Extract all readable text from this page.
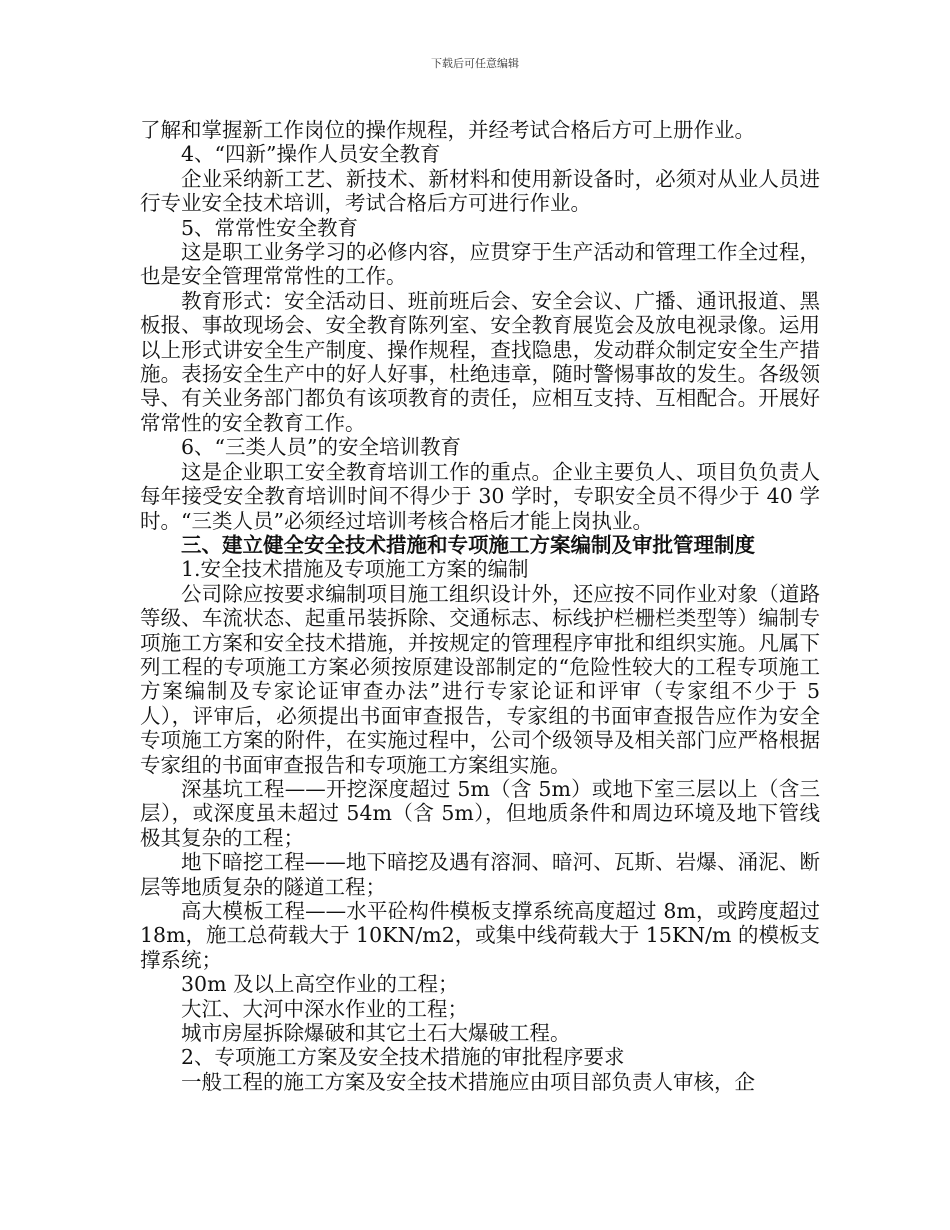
下载后可任意编辑

了解和掌握新工作岗位的操作规程，并经考试合格后方可上册作业。

4、“四新”操作人员安全教育

企业采纳新工艺、新技术、新材料和使用新设备时，必须对从业人员进行专业安全技术培训，考试合格后方可进行作业。

5、常常性安全教育

这是职工业务学习的必修内容，应贯穿于生产活动和管理工作全过程，也是安全管理常常性的工作。

教育形式：安全活动日、班前班后会、安全会议、广播、通讯报道、黑板报、事故现场会、安全教育陈列室、安全教育展览会及放电视录像。运用以上形式讲安全生产制度、操作规程，查找隐患，发动群众制定安全生产措施。表扬安全生产中的好人好事，杜绝违章，随时警惕事故的发生。各级领导、有关业务部门都负有该项教育的责任，应相互支持、互相配合。开展好常常性的安全教育工作。

6、“三类人员”的安全培训教育

这是企业职工安全教育培训工作的重点。企业主要负人、项目负负责人每年接受安全教育培训时间不得少于 30 学时，专职安全员不得少于 40 学时。“三类人员”必须经过培训考核合格后才能上岗执业。

三、建立健全安全技术措施和专项施工方案编制及审批管理制度

1.安全技术措施及专项施工方案的编制

公司除应按要求编制项目施工组织设计外，还应按不同作业对象（道路等级、车流状态、起重吊装拆除、交通标志、标线护栏栅栏类型等）编制专项施工方案和安全技术措施，并按规定的管理程序审批和组织实施。凡属下列工程的专项施工方案必须按原建设部制定的“危险性较大的工程专项施工方案编制及专家论证审查办法”进行专家论证和评审（专家组不少于 5 人），评审后，必须提出书面审查报告，专家组的书面审查报告应作为安全专项施工方案的附件，在实施过程中，公司个级领导及相关部门应严格根据专家组的书面审查报告和专项施工方案组实施。

深基坑工程——开挖深度超过 5m（含 5m）或地下室三层以上（含三层），或深度虽未超过 54m（含 5m），但地质条件和周边环境及地下管线极其复杂的工程；

地下暗挖工程——地下暗挖及遇有溶洞、暗河、瓦斯、岩爆、涌泥、断层等地质复杂的隧道工程；

高大模板工程——水平砼构件模板支撑系统高度超过 8m，或跨度超过 18m，施工总荷载大于 10KN/m2，或集中线荷载大于 15KN/m 的模板支撑系统；

30m 及以上高空作业的工程；

大江、大河中深水作业的工程；

城市房屋拆除爆破和其它土石大爆破工程。

2、专项施工方案及安全技术措施的审批程序要求

一般工程的施工方案及安全技术措施应由项目部负责人审核，企
